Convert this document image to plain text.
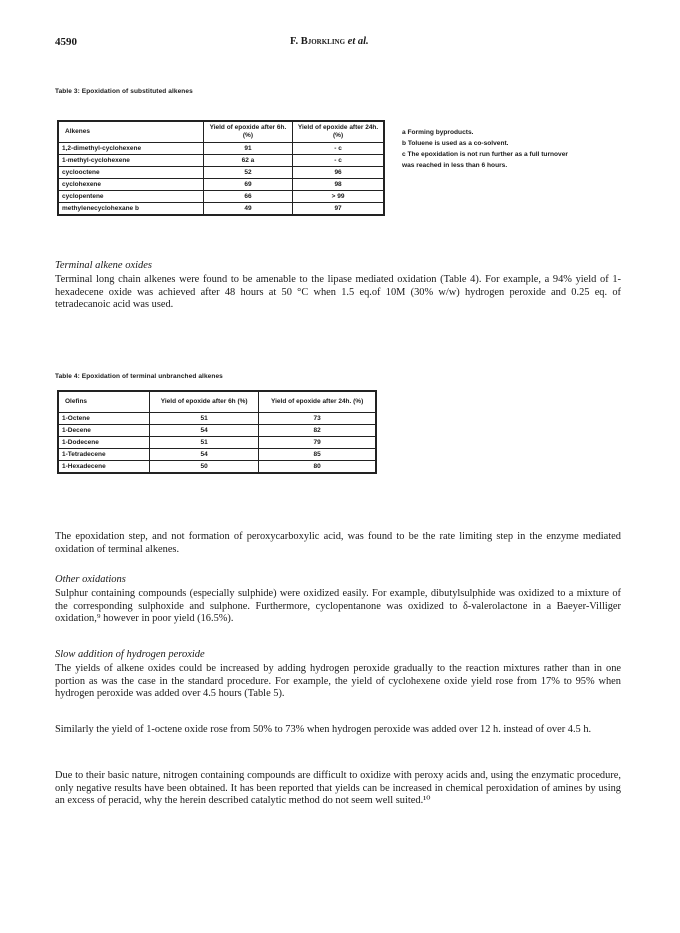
4590	F. Bjorkling et al.
Table 3: Epoxidation of substituted alkenes
Alkenes	Yield of epoxide after 6h. (%)	Yield of epoxide after 24h. (%)
1,2-dimethyl-cyclohexene	91	- c
1-methyl-cyclohexene	62 a	- c
cyclooctene	52	96
cyclohexene	69	98
cyclopentene	66	> 99
methylenecyclohexane b	49	97

a Forming byproducts.

b Toluene is used as a co-solvent.

c The epoxidation is not run further as a full turnover was reached in less than 6 hours.

Terminal alkene oxides
Terminal long chain alkenes were found to be amenable to the lipase mediated oxidation (Table 4). For example, a 94% yield of 1-hexadecene oxide was achieved after 48 hours at 50 °C when 1.5 eq.of 10M (30% w/w) hydrogen peroxide and 0.25 eq. of tetradecanoic acid was used.
Table 4: Epoxidation of terminal unbranched alkenes
Olefins	Yield of epoxide after 6h (%)	Yield of epoxide after 24h. (%)
1-Octene	51	73
1-Decene	54	82
1-Dodecene	51	79
1-Tetradecene	54	85
1-Hexadecene	50	80
The epoxidation step, and not formation of peroxycarboxylic acid, was found to be the rate limiting step in the enzyme mediated oxidation of terminal alkenes.
Other oxidations
Sulphur containing compounds (especially sulphide) were oxidized easily. For example, dibutylsulphide was oxidized to a mixture of the corresponding sulphoxide and sulphone. Furthermore, cyclopentanone was oxidized to δ-valerolactone in a Baeyer-Villiger oxidation,⁹ however in poor yield (16.5%).
Slow addition of hydrogen peroxide
The yields of alkene oxides could be increased by adding hydrogen peroxide gradually to the reaction mixtures rather than in one portion as was the case in the standard procedure. For example, the yield of cyclohexene oxide yield rose from 17% to 95% when hydrogen peroxide was added over 4.5 hours (Table 5).
Similarly the yield of 1-octene oxide rose from 50% to 73% when hydrogen peroxide was added over 12 h. instead of over 4.5 h.
Due to their basic nature, nitrogen containing compounds are difficult to oxidize with peroxy acids and, using the enzymatic procedure, only negative results have been obtained. It has been reported that yields can be increased in chemical peroxidation of amines by using an excess of peracid, why the herein described catalytic method do not seem well suited.¹⁰
